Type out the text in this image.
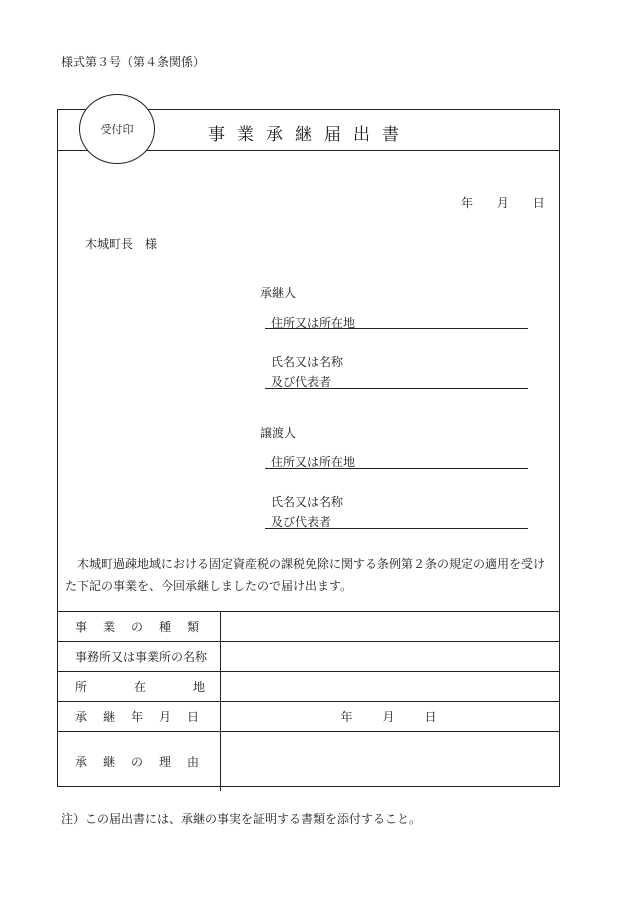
様式第３号（第４条関係）
受付印	事業承継届出書
年 月 日
木城町長　様
承継人
住所又は所在地
氏名又は名称
及び代表者
譲渡人
住所又は所在地
氏名又は名称
及び代表者
木城町過疎地域における固定資産税の課税免除に関する条例第２条の規定の適用を受けた下記の事業を、今回承継しましたので届け出ます。
事 業 の 種 類	

事務所又は事業所の名称	

所 在 地	

承 継 年 月 日	年 月 日

承 継 の 理 由	

注）この届出書には、承継の事実を証明する書類を添付すること。
